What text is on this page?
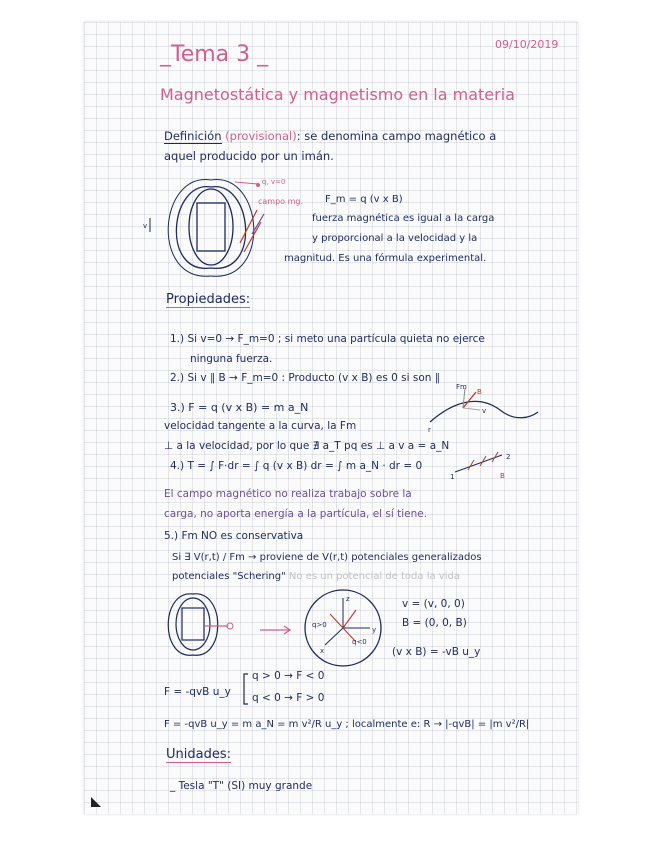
09/10/2019
_Tema 3 _
Magnetostática y magnetismo en la materia
Definición (provisional): se denomina campo magnético a
aquel producido por un imán.
q, v=0
campo mg.
v
F_m = q (v x B)
fuerza magnética es igual a la carga
y proporcional a la velocidad y la
magnitud. Es una fórmula experimental.
Propiedades:
1.) Si v=0 → F_m=0 ; si meto una partícula quieta no ejerce
ninguna fuerza.
2.) Si v ∥ B → F_m=0 : Producto (v x B) es 0 si son ∥
3.) F = q (v x B) = m a_N
Fm
B
v
r
velocidad tangente a la curva, la Fm
⊥ a la velocidad, por lo que ∄ a_T pq es ⊥ a v a = a_N
4.) T = ∫ F·dr = ∫ q (v x B) dr = ∫ m a_N · dr = 0
1
2
B
El campo magnético no realiza trabajo sobre la
carga, no aporta energía a la partícula, el sí tiene.
5.) Fm NO es conservativa
Si ∃ V(r,t) / Fm → proviene de V(r,t) potenciales generalizados
potenciales "Schering" No es un potencial de toda la vida
q>0
q<0
z
y
x
v = (v, 0, 0)
B = (0, 0, B)
(v x B) = -vB u_y
F = -qvB u_y
q > 0 → F < 0
q < 0 → F > 0
F = -qvB u_y = m a_N = m v²/R u_y ; localmente e: R → |-qvB| = |m v²/R|
Unidades:
_ Tesla "T" (SI) muy grande
